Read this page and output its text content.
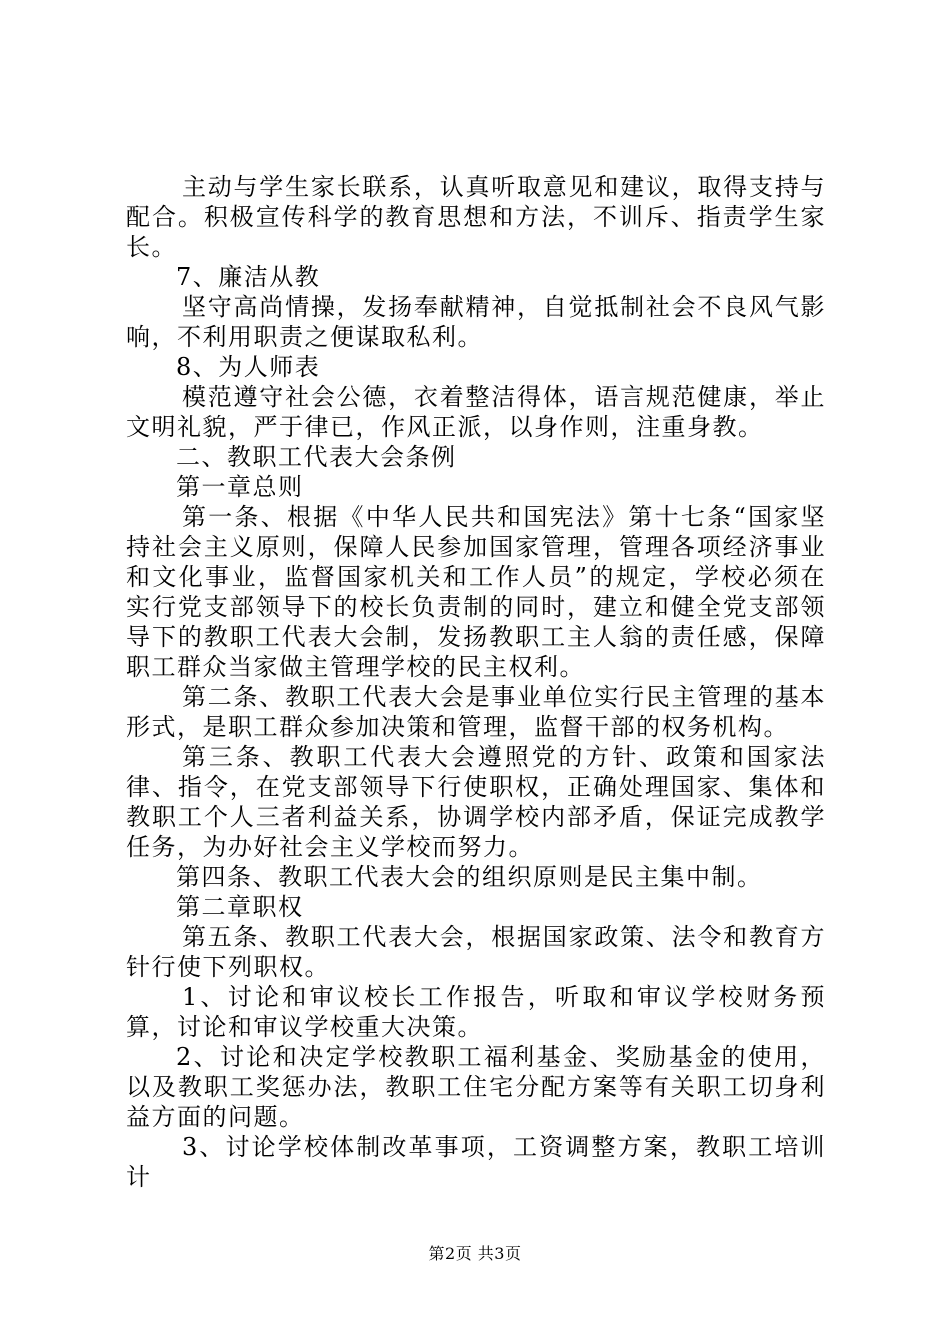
主动与学生家长联系，认真听取意见和建议，取得支持与配合。积极宣传科学的教育思想和方法，不训斥、指责学生家长。

7、廉洁从教

坚守高尚情操，发扬奉献精神，自觉抵制社会不良风气影响，不利用职责之便谋取私利。

8、为人师表

模范遵守社会公德，衣着整洁得体，语言规范健康，举止文明礼貌，严于律已，作风正派，以身作则，注重身教。

二、教职工代表大会条例

第一章总则

第一条、根据《中华人民共和国宪法》第十七条“国家坚持社会主义原则，保障人民参加国家管理，管理各项经济事业和文化事业，监督国家机关和工作人员”的规定，学校必须在实行党支部领导下的校长负责制的同时，建立和健全党支部领导下的教职工代表大会制，发扬教职工主人翁的责任感，保障职工群众当家做主管理学校的民主权利。

第二条、教职工代表大会是事业单位实行民主管理的基本形式，是职工群众参加决策和管理，监督干部的权务机构。

第三条、教职工代表大会遵照党的方针、政策和国家法律、指令，在党支部领导下行使职权，正确处理国家、集体和教职工个人三者利益关系，协调学校内部矛盾，保证完成教学任务，为办好社会主义学校而努力。

第四条、教职工代表大会的组织原则是民主集中制。

第二章职权

第五条、教职工代表大会，根据国家政策、法令和教育方针行使下列职权。

1、讨论和审议校长工作报告，听取和审议学校财务预算，讨论和审议学校重大决策。

2、讨论和决定学校教职工福利基金、奖励基金的使用，以及教职工奖惩办法，教职工住宅分配方案等有关职工切身利益方面的问题。

3、讨论学校体制改革事项，工资调整方案，教职工培训计

第2页 共3页
